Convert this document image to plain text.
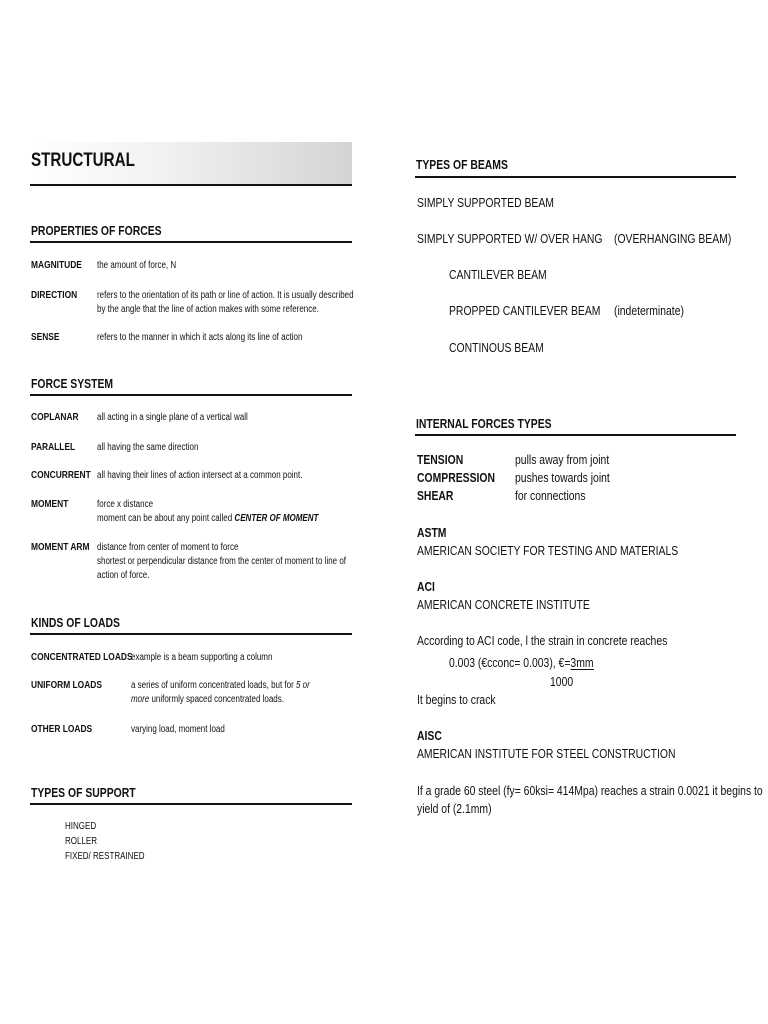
STRUCTURAL
PROPERTIES OF FORCES
MAGNITUDE the amount of force, N
DIRECTION refers to the orientation of its path or line of action. It is usually described
by the angle that the line of action makes with some reference.
SENSE	refers to the manner in which it acts along its line of action
FORCE SYSTEM
COPLANAR all acting in a single plane of a vertical wall
PARALLEL all having the same direction
CONCURRENT all having their lines of action intersect at a common point.
MOMENT	force x distance
moment can be about any point called CENTER OF MOMENT
MOMENT ARM distance from center of moment to force
shortest or perpendicular distance from the center of moment to line of
action of force.
KINDS OF LOADS
CONCENTRATED LOADS
example is a beam supporting a column
UNIFORM LOADS	a series of uniform concentrated loads, but for 5 or
more uniformly spaced concentrated loads.
OTHER LOADS	varying load, moment load
TYPES OF SUPPORT
HINGED
ROLLER
FIXED/ RESTRAINED
TYPES OF BEAMS
SIMPLY SUPPORTED BEAM
SIMPLY SUPPORTED W/ OVER HANG (OVERHANGING BEAM)
CANTILEVER BEAM
PROPPED CANTILEVER BEAM (indeterminate)
CONTINOUS BEAM
INTERNAL FORCES TYPES
TENSION	pulls away from joint
COMPRESSION pushes towards joint
SHEAR	for connections
ASTM
AMERICAN SOCIETY FOR TESTING AND MATERIALS
ACI
AMERICAN CONCRETE INSTITUTE
According to ACI code, l the strain in concrete reaches
0.003 (€cconc= 0.003), €=3mm
1000
It begins to crack
AISC
AMERICAN INSTITUTE FOR STEEL CONSTRUCTION
If a grade 60 steel (fy= 60ksi= 414Mpa) reaches a strain 0.0021 it begins to
yield of (2.1mm)
